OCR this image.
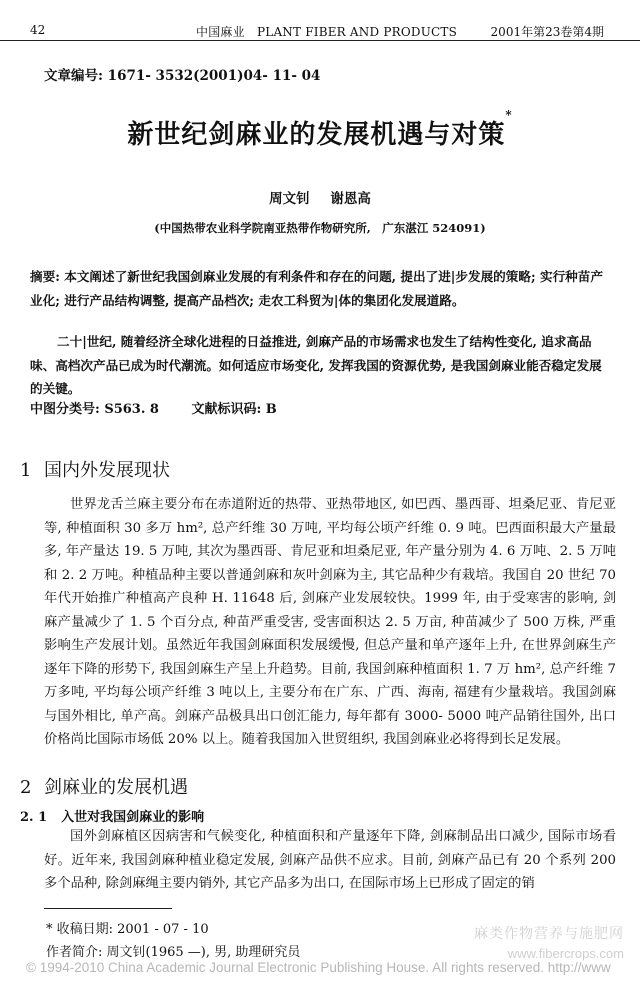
42	中国麻业　PLANT FIBER AND PRODUCTS	2001年第23卷第4期
文章编号: 1671- 3532(2001)04- 11- 04
新世纪剑麻业的发展机遇与对策*
周文钊 谢恩高
(中国热带农业科学院南亚热带作物研究所,　广东湛江 524091)
摘要: 本文阐述了新世纪我国剑麻业发展的有利条件和存在的问题, 提出了进|步发展的策略; 实行种苗产业化; 进行产品结构调整, 提高产品档次; 走农工科贸为|体的集团化发展道路。
二十|世纪, 随着经济全球化进程的日益推进, 剑麻产品的市场需求也发生了结构性变化, 追求高品味、高档次产品已成为时代潮流。如何适应市场变化, 发挥我国的资源优势, 是我国剑麻业能否稳定发展的关键。
中图分类号: S563. 8	文献标识码: B
1 国内外发展现状
世界龙舌兰麻主要分布在赤道附近的热带、亚热带地区, 如巴西、墨西哥、坦桑尼亚、肯尼亚等, 种植面积 30 多万 hm², 总产纤维 30 万吨, 平均每公顷产纤维 0. 9 吨。巴西面积最大产量最多, 年产量达 19. 5 万吨, 其次为墨西哥、肯尼亚和坦桑尼亚, 年产量分别为 4. 6 万吨、2. 5 万吨和 2. 2 万吨。种植品种主要以普通剑麻和灰叶剑麻为主, 其它品种少有栽培。我国自 20 世纪 70 年代开始推广种植高产良种 H. 11648 后, 剑麻产业发展较快。1999 年, 由于受寒害的影响, 剑麻产量减少了 1. 5 个百分点, 种苗严重受害, 受害面积达 2. 5 万亩, 种苗减少了 500 万株, 严重影响生产发展计划。虽然近年我国剑麻面积发展缓慢, 但总产量和单产逐年上升, 在世界剑麻生产逐年下降的形势下, 我国剑麻生产呈上升趋势。目前, 我国剑麻种植面积 1. 7 万 hm², 总产纤维 7 万多吨, 平均每公顷产纤维 3 吨以上, 主要分布在广东、广西、海南, 福建有少量栽培。我国剑麻与国外相比, 单产高。剑麻产品极具出口创汇能力, 每年都有 3000- 5000 吨产品销往国外, 出口价格尚比国际市场低 20% 以上。随着我国加入世贸组织, 我国剑麻业必将得到长足发展。
2 剑麻业的发展机遇
2. 1 入世对我国剑麻业的影响
国外剑麻植区因病害和气候变化, 种植面积和产量逐年下降, 剑麻制品出口减少, 国际市场看好。近年来, 我国剑麻种植业稳定发展, 剑麻产品供不应求。目前, 剑麻产品已有 20 个系列 200 多个品种, 除剑麻绳主要内销外, 其它产品多为出口, 在国际市场上已形成了固定的销
* 收稿日期: 2001 - 07 - 10
作者简介: 周文钊(1965 —), 男, 助理研究员
© 1994-2010 China Academic Journal Electronic Publishing House. All rights reserved. http://www
麻类作物营养与施肥网
www.fibercrops.com
